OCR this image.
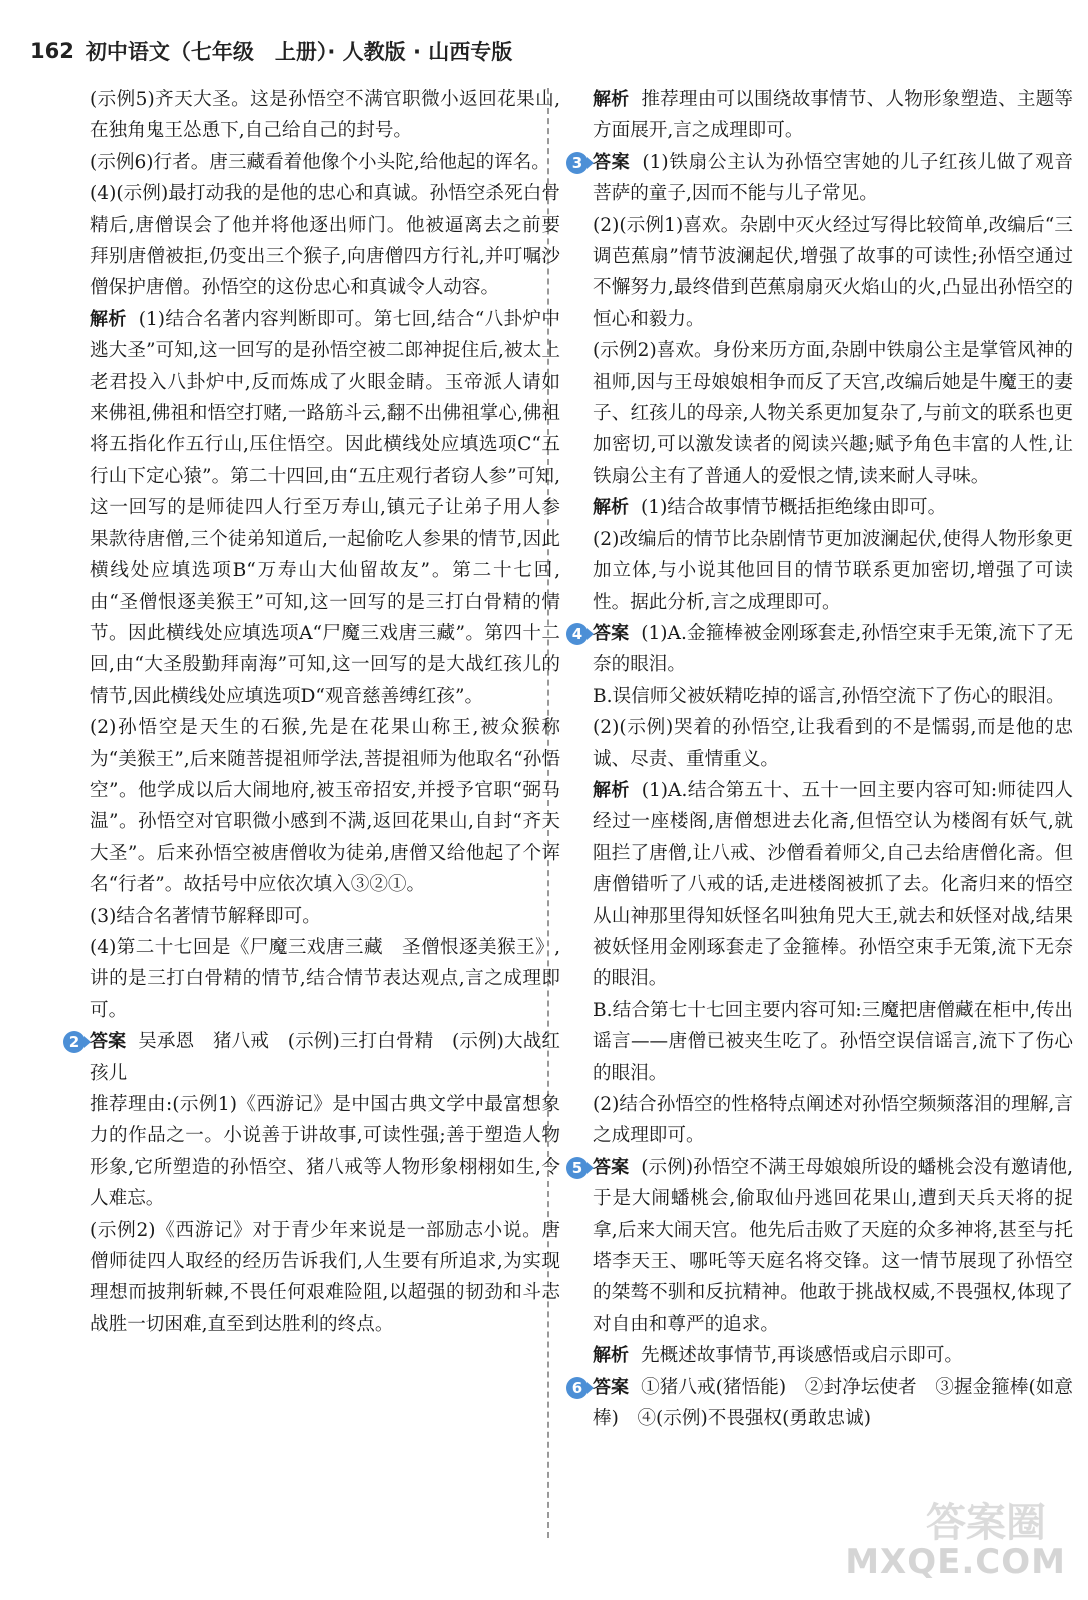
162 初中语文（七年级　上册）· 人教版 · 山西专版

(示例5)齐天大圣。这是孙悟空不满官职微小返回花果山,在独角鬼王怂恿下,自己给自己的封号。

(示例6)行者。唐三藏看着他像个小头陀,给他起的诨名。

(4)(示例)最打动我的是他的忠心和真诚。孙悟空杀死白骨精后,唐僧误会了他并将他逐出师门。他被逼离去之前要拜别唐僧被拒,仍变出三个猴子,向唐僧四方行礼,并叮嘱沙僧保护唐僧。孙悟空的这份忠心和真诚令人动容。

解析 (1)结合名著内容判断即可。第七回,结合“八卦炉中逃大圣”可知,这一回写的是孙悟空被二郎神捉住后,被太上老君投入八卦炉中,反而炼成了火眼金睛。玉帝派人请如来佛祖,佛祖和悟空打赌,一路筋斗云,翻不出佛祖掌心,佛祖将五指化作五行山,压住悟空。因此横线处应填选项C“五行山下定心猿”。第二十四回,由“五庄观行者窃人参”可知,这一回写的是师徒四人行至万寿山,镇元子让弟子用人参果款待唐僧,三个徒弟知道后,一起偷吃人参果的情节,因此横线处应填选项B“万寿山大仙留故友”。第二十七回,由“圣僧恨逐美猴王”可知,这一回写的是三打白骨精的情节。因此横线处应填选项A“尸魔三戏唐三藏”。第四十二回,由“大圣殷勤拜南海”可知,这一回写的是大战红孩儿的情节,因此横线处应填选项D“观音慈善缚红孩”。

(2)孙悟空是天生的石猴,先是在花果山称王,被众猴称为“美猴王”,后来随菩提祖师学法,菩提祖师为他取名“孙悟空”。他学成以后大闹地府,被玉帝招安,并授予官职“弼马温”。孙悟空对官职微小感到不满,返回花果山,自封“齐天大圣”。后来孙悟空被唐僧收为徒弟,唐僧又给他起了个诨名“行者”。故括号中应依次填入③②①。

(3)结合名著情节解释即可。

(4)第二十七回是《尸魔三戏唐三藏　圣僧恨逐美猴王》,讲的是三打白骨精的情节,结合情节表达观点,言之成理即可。

2 答案 吴承恩　猪八戒　(示例)三打白骨精　(示例)大战红孩儿

推荐理由:(示例1)《西游记》是中国古典文学中最富想象力的作品之一。小说善于讲故事,可读性强;善于塑造人物形象,它所塑造的孙悟空、猪八戒等人物形象栩栩如生,令人难忘。

(示例2)《西游记》对于青少年来说是一部励志小说。唐僧师徒四人取经的经历告诉我们,人生要有所追求,为实现理想而披荆斩棘,不畏任何艰难险阻,以超强的韧劲和斗志战胜一切困难,直至到达胜利的终点。

解析 推荐理由可以围绕故事情节、人物形象塑造、主题等方面展开,言之成理即可。

3 答案 (1)铁扇公主认为孙悟空害她的儿子红孩儿做了观音菩萨的童子,因而不能与儿子常见。

(2)(示例1)喜欢。杂剧中灭火经过写得比较简单,改编后“三调芭蕉扇”情节波澜起伏,增强了故事的可读性;孙悟空通过不懈努力,最终借到芭蕉扇扇灭火焰山的火,凸显出孙悟空的恒心和毅力。

(示例2)喜欢。身份来历方面,杂剧中铁扇公主是掌管风神的祖师,因与王母娘娘相争而反了天宫,改编后她是牛魔王的妻子、红孩儿的母亲,人物关系更加复杂了,与前文的联系也更加密切,可以激发读者的阅读兴趣;赋予角色丰富的人性,让铁扇公主有了普通人的爱恨之情,读来耐人寻味。

解析 (1)结合故事情节概括拒绝缘由即可。

(2)改编后的情节比杂剧情节更加波澜起伏,使得人物形象更加立体,与小说其他回目的情节联系更加密切,增强了可读性。据此分析,言之成理即可。

4 答案 (1)A.金箍棒被金刚琢套走,孙悟空束手无策,流下了无奈的眼泪。

B.误信师父被妖精吃掉的谣言,孙悟空流下了伤心的眼泪。

(2)(示例)哭着的孙悟空,让我看到的不是懦弱,而是他的忠诚、尽责、重情重义。

解析 (1)A.结合第五十、五十一回主要内容可知:师徒四人经过一座楼阁,唐僧想进去化斋,但悟空认为楼阁有妖气,就阻拦了唐僧,让八戒、沙僧看着师父,自己去给唐僧化斋。但唐僧错听了八戒的话,走进楼阁被抓了去。化斋归来的悟空从山神那里得知妖怪名叫独角兕大王,就去和妖怪对战,结果被妖怪用金刚琢套走了金箍棒。孙悟空束手无策,流下无奈的眼泪。

B.结合第七十七回主要内容可知:三魔把唐僧藏在柜中,传出谣言——唐僧已被夹生吃了。孙悟空误信谣言,流下了伤心的眼泪。

(2)结合孙悟空的性格特点阐述对孙悟空频频落泪的理解,言之成理即可。

5 答案 (示例)孙悟空不满王母娘娘所设的蟠桃会没有邀请他,于是大闹蟠桃会,偷取仙丹逃回花果山,遭到天兵天将的捉拿,后来大闹天宫。他先后击败了天庭的众多神将,甚至与托塔李天王、哪吒等天庭名将交锋。这一情节展现了孙悟空的桀骜不驯和反抗精神。他敢于挑战权威,不畏强权,体现了对自由和尊严的追求。

解析 先概述故事情节,再谈感悟或启示即可。

6 答案 ①猪八戒(猪悟能)　②封净坛使者　③握金箍棒(如意棒)　④(示例)不畏强权(勇敢忠诚)

答案圈
MXQE.COM
